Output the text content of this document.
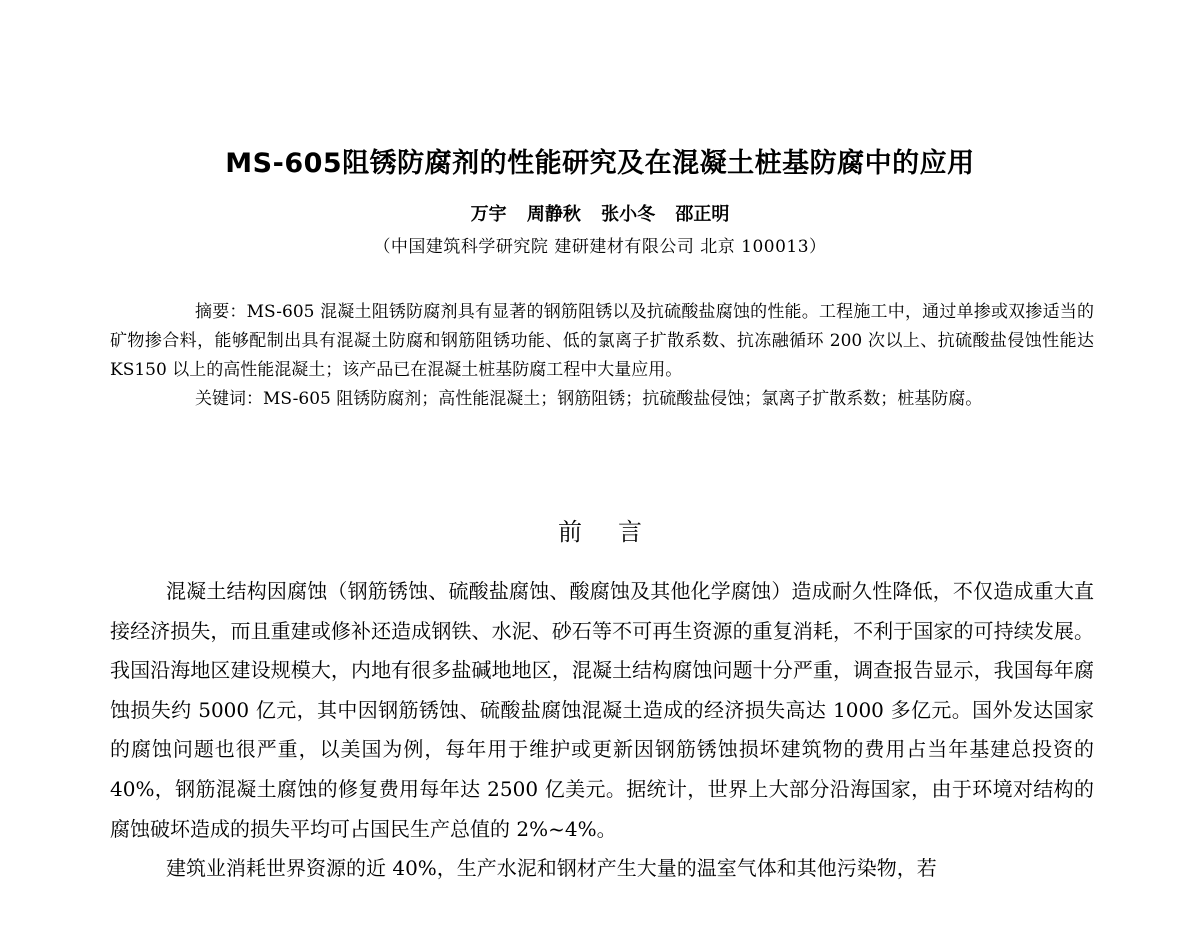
MS-605阻锈防腐剂的性能研究及在混凝土桩基防腐中的应用
万宇 周静秋 张小冬 邵正明
（中国建筑科学研究院 建研建材有限公司 北京 100013）

摘要：MS-605 混凝土阻锈防腐剂具有显著的钢筋阻锈以及抗硫酸盐腐蚀的性能。工程施工中，通过单掺或双掺适当的矿物掺合料，能够配制出具有混凝土防腐和钢筋阻锈功能、低的氯离子扩散系数、抗冻融循环 200 次以上、抗硫酸盐侵蚀性能达 KS150 以上的高性能混凝土；该产品已在混凝土桩基防腐工程中大量应用。

关键词：MS-605 阻锈防腐剂；高性能混凝土；钢筋阻锈；抗硫酸盐侵蚀；氯离子扩散系数；桩基防腐。

前言

混凝土结构因腐蚀（钢筋锈蚀、硫酸盐腐蚀、酸腐蚀及其他化学腐蚀）造成耐久性降低，不仅造成重大直接经济损失，而且重建或修补还造成钢铁、水泥、砂石等不可再生资源的重复消耗，不利于国家的可持续发展。我国沿海地区建设规模大，内地有很多盐碱地地区，混凝土结构腐蚀问题十分严重，调查报告显示，我国每年腐蚀损失约 5000 亿元，其中因钢筋锈蚀、硫酸盐腐蚀混凝土造成的经济损失高达 1000 多亿元。国外发达国家的腐蚀问题也很严重，以美国为例，每年用于维护或更新因钢筋锈蚀损坏建筑物的费用占当年基建总投资的 40%，钢筋混凝土腐蚀的修复费用每年达 2500 亿美元。据统计，世界上大部分沿海国家，由于环境对结构的腐蚀破坏造成的损失平均可占国民生产总值的 2%~4%。

建筑业消耗世界资源的近 40%，生产水泥和钢材产生大量的温室气体和其他污染物，若
